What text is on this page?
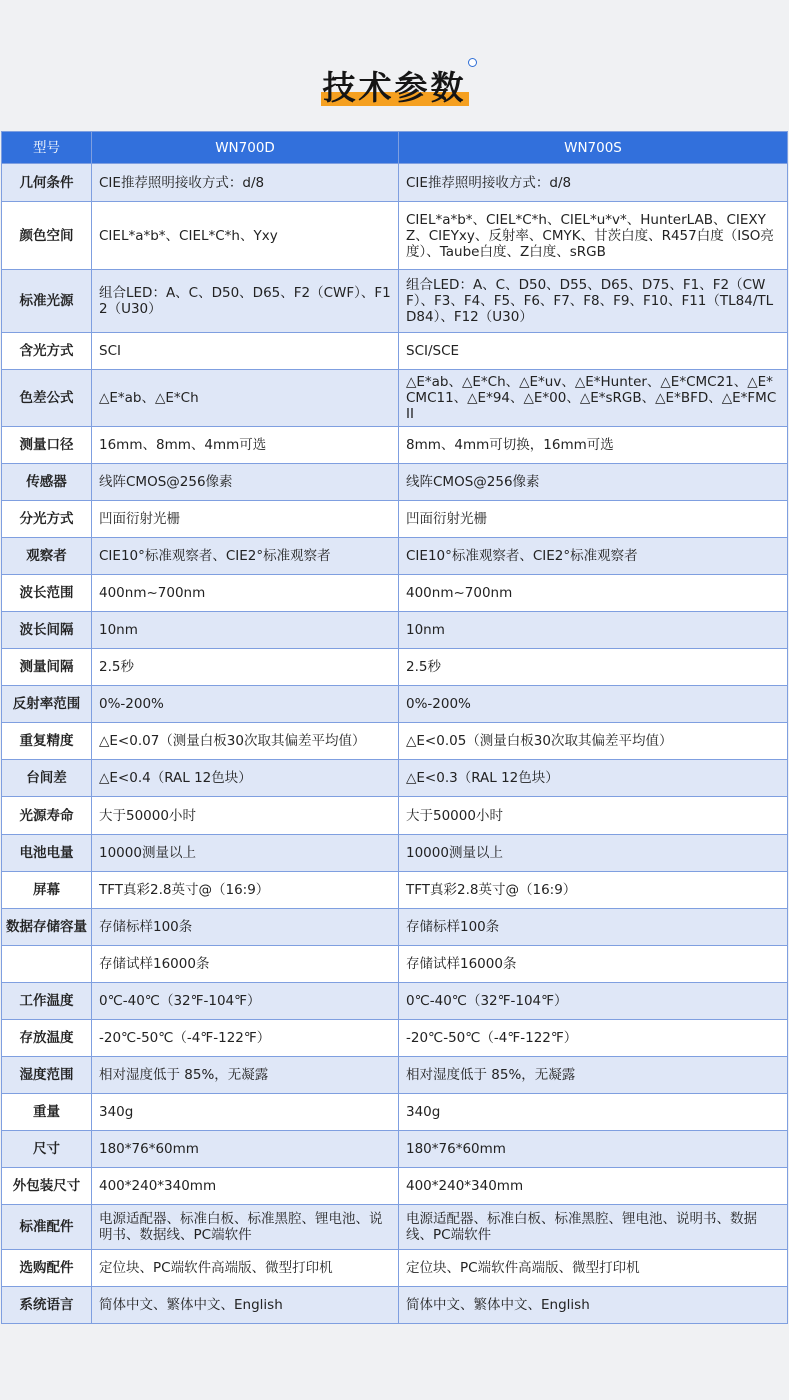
技术参数
型号	WN700D	WN700S
几何条件	CIE推荐照明接收方式：d/8	CIE推荐照明接收方式：d/8
颜色空间	CIEL*a*b*、CIEL*C*h、Yxy	CIEL*a*b*、CIEL*C*h、CIEL*u*v*、HunterLAB、CIEXYZ、CIEYxy、反射率、CMYK、甘茨白度、R457白度（ISO亮度）、Taube白度、Z白度、sRGB
标准光源	组合LED：A、C、D50、D65、F2（CWF）、F12（U30）	组合LED：A、C、D50、D55、D65、D75、F1、F2（CWF）、F3、F4、F5、F6、F7、F8、F9、F10、F11（TL84/TLD84）、F12（U30）
含光方式	SCI	SCI/SCE
色差公式	△E*ab、△E*Ch	△E*ab、△E*Ch、△E*uv、△E*Hunter、△E*CMC21、△E*CMC11、△E*94、△E*00、△E*sRGB、△E*BFD、△E*FMCII
测量口径	16mm、8mm、4mm可选	8mm、4mm可切换，16mm可选
传感器	线阵CMOS@256像素	线阵CMOS@256像素
分光方式	凹面衍射光栅	凹面衍射光栅
观察者	CIE10°标准观察者、CIE2°标准观察者	CIE10°标准观察者、CIE2°标准观察者
波长范围	400nm~700nm	400nm~700nm
波长间隔	10nm	10nm
测量间隔	2.5秒	2.5秒
反射率范围	0%-200%	0%-200%
重复精度	△E<0.07（测量白板30次取其偏差平均值）	△E<0.05（测量白板30次取其偏差平均值）
台间差	△E<0.4（RAL 12色块）	△E<0.3（RAL 12色块）
光源寿命	大于50000小时	大于50000小时
电池电量	10000测量以上	10000测量以上
屏幕	TFT真彩2.8英寸@（16:9）	TFT真彩2.8英寸@（16:9）
数据存储容量	存储标样100条	存储标样100条
	存储试样16000条	存储试样16000条
工作温度	0℃-40℃（32℉-104℉）	0℃-40℃（32℉-104℉）
存放温度	-20℃-50℃（-4℉-122℉）	-20℃-50℃（-4℉-122℉）
湿度范围	相对湿度低于 85%，无凝露	相对湿度低于 85%，无凝露
重量	340g	340g
尺寸	180*76*60mm	180*76*60mm
外包装尺寸	400*240*340mm	400*240*340mm
标准配件	电源适配器、标准白板、标准黑腔、锂电池、说明书、数据线、PC端软件	电源适配器、标准白板、标准黑腔、锂电池、说明书、数据线、PC端软件
选购配件	定位块、PC端软件高端版、微型打印机	定位块、PC端软件高端版、微型打印机
系统语言	简体中文、繁体中文、English	简体中文、繁体中文、English
